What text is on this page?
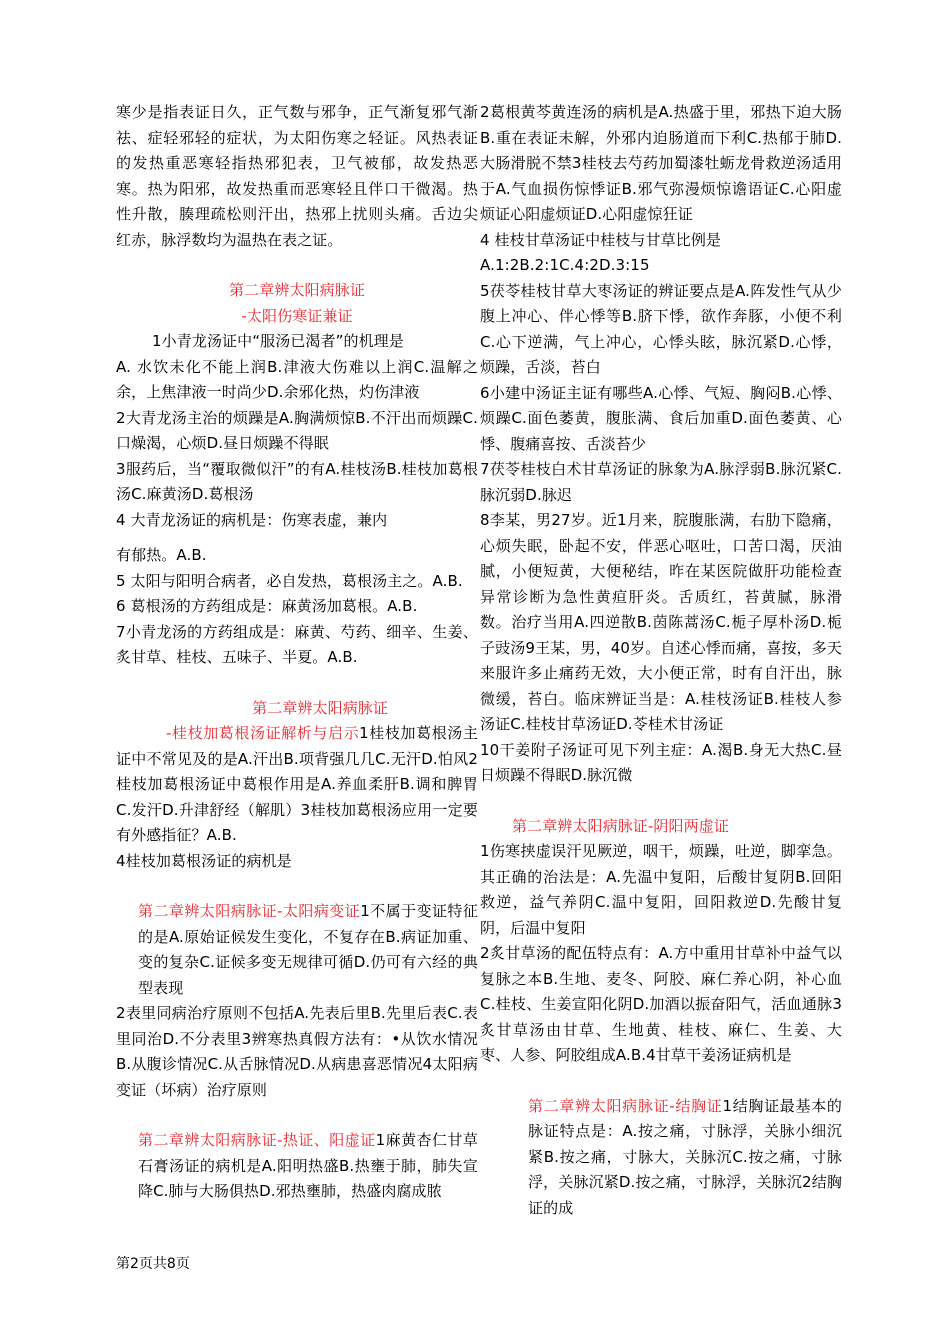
寒少是指表证日久，正气数与邪争，正气渐复邪气渐祛、症轻邪轻的症状，为太阳伤寒之轻证。风热表证的发热重恶寒轻指热邪犯表，卫气被郁，故发热恶寒。热为阳邪，故发热重而恶寒轻且伴口干微渴。热性升散，腠理疏松则汗出，热邪上扰则头痛。舌边尖红赤，脉浮数均为温热在表之证。

第二章辨太阳病脉证
-太阳伤寒证兼证

1小青龙汤证中“服汤已渴者”的机理是

A. 水饮未化不能上润B.津液大伤难以上润C.温解之余，上焦津液一时尚少D.余邪化热，灼伤津液

2大青龙汤主治的烦躁是A.胸满烦惊B.不汗出而烦躁C.口燥渴，心烦D.昼日烦躁不得眠

3服药后，当“覆取微似汗”的有A.桂枝汤B.桂枝加葛根汤C.麻黄汤D.葛根汤

4 大青龙汤证的病机是：伤寒表虚，兼内

有郁热。A.B.

5 太阳与阳明合病者，必自发热，葛根汤主之。A.B.

6 葛根汤的方药组成是：麻黄汤加葛根。A.B.

7小青龙汤的方药组成是：麻黄、芍药、细辛、生姜、炙甘草、桂枝、五味子、半夏。A.B.

第二章辨太阳病脉证

-桂枝加葛根汤证解析与启示1桂枝加葛根汤主证中不常见及的是A.汗出B.项背强几几C.无汗D.怕风2桂枝加葛根汤证中葛根作用是A.养血柔肝B.调和脾胃C.发汗D.升津舒经（解肌）3桂枝加葛根汤应用一定要有外感指征？A.B.

4桂枝加葛根汤证的病机是

第二章辨太阳病脉证-太阳病变证1不属于变证特征的是A.原始证候发生变化，不复存在B.病证加重、变的复杂C.证候多变无规律可循D.仍可有六经的典型表现

2表里同病治疗原则不包括A.先表后里B.先里后表C.表里同治D.不分表里3辨寒热真假方法有：•从饮水情况B.从腹诊情况C.从舌脉情况D.从病患喜恶情况4太阳病变证（坏病）治疗原则

第二章辨太阳病脉证-热证、阳虚证1麻黄杏仁甘草石膏汤证的病机是A.阳明热盛B.热壅于肺，肺失宣降C.肺与大肠俱热D.邪热壅肺，热盛肉腐成脓

2葛根黄芩黄连汤的病机是A.热盛于里，邪热下迫大肠B.重在表证未解，外邪内迫肠道而下利C.热郁于肺D.大肠滑脱不禁3桂枝去芍药加蜀漆牡蛎龙骨救逆汤适用于A.气血损伤惊悸证B.邪气弥漫烦惊谵语证C.心阳虚烦证心阳虚烦证D.心阳虚惊狂证

4 桂枝甘草汤证中桂枝与甘草比例是

A.1:2B.2:1C.4:2D.3:15

5茯苓桂枝甘草大枣汤证的辨证要点是A.阵发性气从少腹上冲心、伴心悸等B.脐下悸，欲作奔豚，小便不利C.心下逆满，气上冲心，心悸头眩，脉沉紧D.心悸，烦躁，舌淡，苔白

6小建中汤证主证有哪些A.心悸、气短、胸闷B.心悸、烦躁C.面色萎黄，腹胀满、食后加重D.面色萎黄、心悸、腹痛喜按、舌淡苔少

7茯苓桂枝白术甘草汤证的脉象为A.脉浮弱B.脉沉紧C.脉沉弱D.脉迟

8李某，男27岁。近1月来，脘腹胀满，右肋下隐痛，心烦失眠，卧起不安，伴恶心呕吐，口苦口渴，厌油腻，小便短黄，大便秘结，昨在某医院做肝功能检查异常诊断为急性黄疸肝炎。舌质红，苔黄腻，脉滑数。治疗当用A.四逆散B.茵陈蒿汤C.栀子厚朴汤D.栀子豉汤9王某，男，40岁。自述心悸而痛，喜按，多天来服许多止痛药无效，大小便正常，时有自汗出，脉微缓，苔白。临床辨证当是：A.桂枝汤证B.桂枝人参汤证C.桂枝甘草汤证D.苓桂术甘汤证

10干姜附子汤证可见下列主症：A.渴B.身无大热C.昼日烦躁不得眠D.脉沉微

第二章辨太阳病脉证-阴阳两虚证

1伤寒挟虚误汗见厥逆，咽干，烦躁，吐逆，脚挛急。其正确的治法是：A.先温中复阳，后酸甘复阴B.回阳救逆，益气养阴C.温中复阳，回阳救逆D.先酸甘复阴，后温中复阳

2炙甘草汤的配伍特点有：A.方中重用甘草补中益气以复脉之本B.生地、麦冬、阿胶、麻仁养心阴，补心血C.桂枝、生姜宣阳化阴D.加酒以振奋阳气，活血通脉3炙甘草汤由甘草、生地黄、桂枝、麻仁、生姜、大枣、人参、阿胶组成A.B.4甘草干姜汤证病机是

第二章辨太阳病脉证-结胸证1结胸证最基本的脉证特点是：A.按之痛，寸脉浮，关脉小细沉紧B.按之痛，寸脉大，关脉沉C.按之痛，寸脉浮，关脉沉紧D.按之痛，寸脉浮，关脉沉2结胸证的成

第2页共8页
